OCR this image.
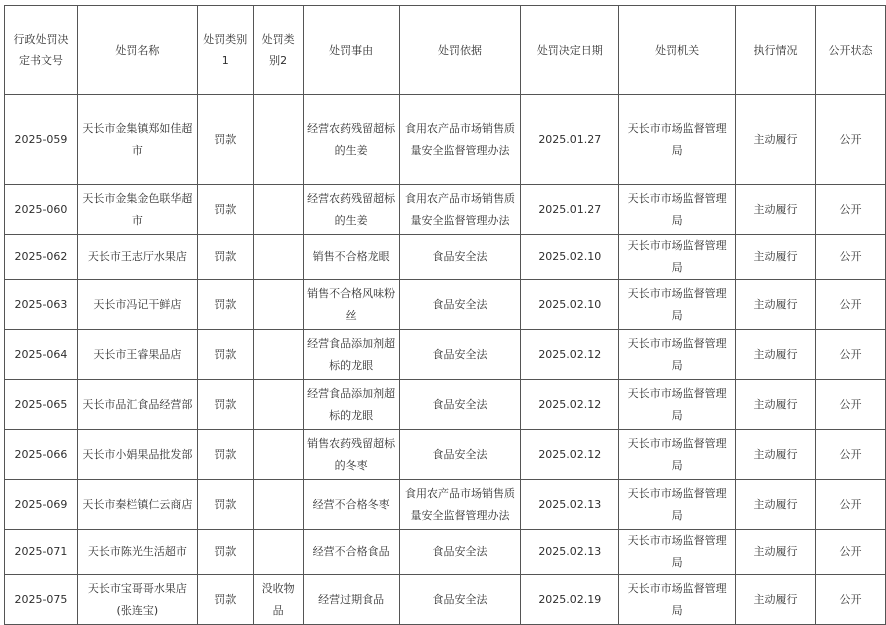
行政处罚决定书文号	处罚名称	处罚类别1	处罚类别2	处罚事由	处罚依据	处罚决定日期	处罚机关	执行情况	公开状态
2025-059	天长市金集镇郑如佳超市	罚款		经营农药残留超标的生姜	食用农产品市场销售质量安全监督管理办法	2025.01.27	天长市市场监督管理局	主动履行	公开
2025-060	天长市金集金色联华超市	罚款		经营农药残留超标的生姜	食用农产品市场销售质量安全监督管理办法	2025.01.27	天长市市场监督管理局	主动履行	公开
2025-062	天长市王志厅水果店	罚款		销售不合格龙眼	食品安全法	2025.02.10	天长市市场监督管理局	主动履行	公开
2025-063	天长市冯记干鲜店	罚款		销售不合格风味粉丝	食品安全法	2025.02.10	天长市市场监督管理局	主动履行	公开
2025-064	天长市王睿果品店	罚款		经营食品添加剂超标的龙眼	食品安全法	2025.02.12	天长市市场监督管理局	主动履行	公开
2025-065	天长市品汇食品经营部	罚款		经营食品添加剂超标的龙眼	食品安全法	2025.02.12	天长市市场监督管理局	主动履行	公开
2025-066	天长市小娟果品批发部	罚款		销售农药残留超标的冬枣	食品安全法	2025.02.12	天长市市场监督管理局	主动履行	公开
2025-069	天长市秦栏镇仁云商店	罚款		经营不合格冬枣	食用农产品市场销售质量安全监督管理办法	2025.02.13	天长市市场监督管理局	主动履行	公开
2025-071	天长市陈光生活超市	罚款		经营不合格食品	食品安全法	2025.02.13	天长市市场监督管理局	主动履行	公开
2025-075	天长市宝哥哥水果店(张连宝)	罚款	没收物品	经营过期食品	食品安全法	2025.02.19	天长市市场监督管理局	主动履行	公开
